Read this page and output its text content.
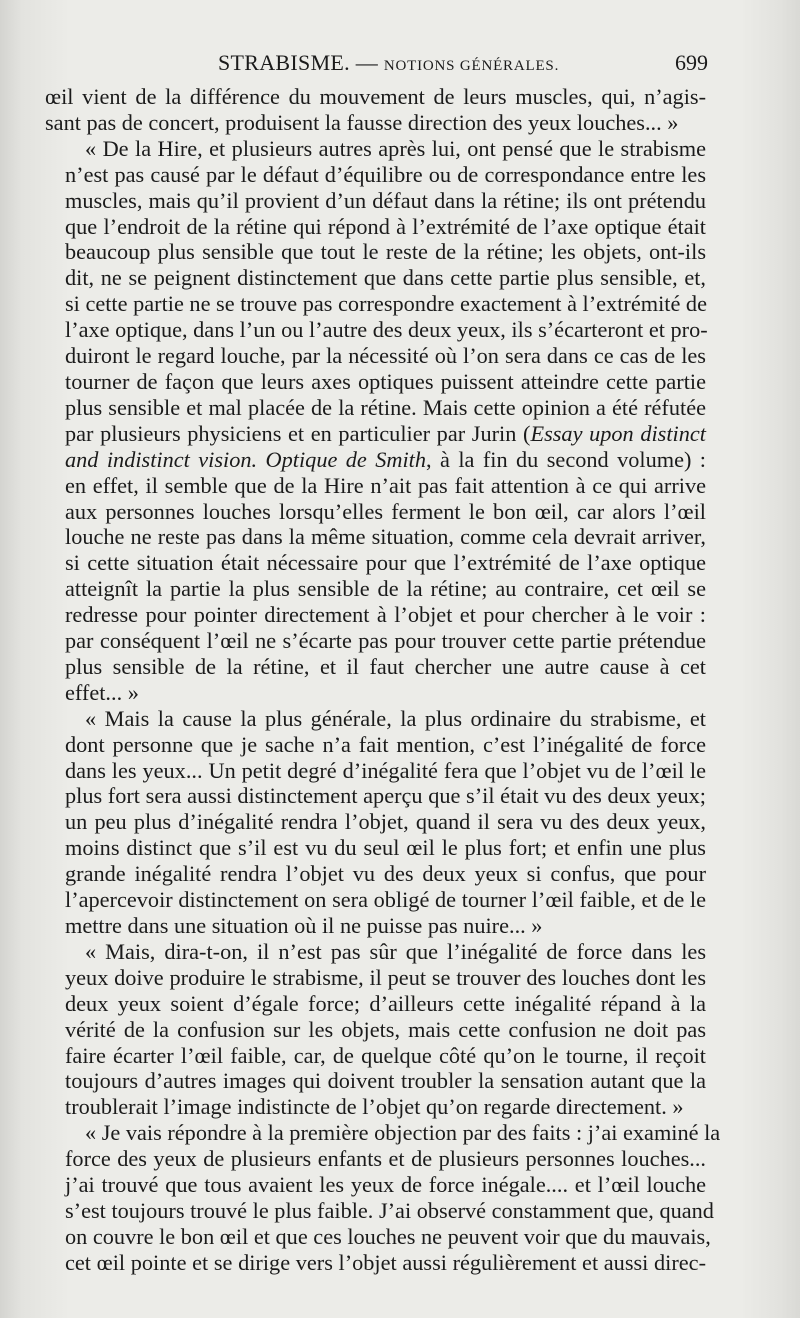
STRABISME. — NOTIONS GÉNÉRALES.	699
œil vient de la différence du mouvement de leurs muscles, qui, n’agis-
sant pas de concert, produisent la fausse direction des yeux louches... »
« De la Hire, et plusieurs autres après lui, ont pensé que le strabisme
n’est pas causé par le défaut d’équilibre ou de correspondance entre les
muscles, mais qu’il provient d’un défaut dans la rétine; ils ont prétendu
que l’endroit de la rétine qui répond à l’extrémité de l’axe optique était
beaucoup plus sensible que tout le reste de la rétine; les objets, ont-ils
dit, ne se peignent distinctement que dans cette partie plus sensible, et,
si cette partie ne se trouve pas correspondre exactement à l’extrémité de
l’axe optique, dans l’un ou l’autre des deux yeux, ils s’écarteront et pro-
duiront le regard louche, par la nécessité où l’on sera dans ce cas de les
tourner de façon que leurs axes optiques puissent atteindre cette partie
plus sensible et mal placée de la rétine. Mais cette opinion a été réfutée
par plusieurs physiciens et en particulier par Jurin (Essay upon distinct
and indistinct vision. Optique de Smith, à la fin du second volume) :
en effet, il semble que de la Hire n’ait pas fait attention à ce qui arrive
aux personnes louches lorsqu’elles ferment le bon œil, car alors l’œil
louche ne reste pas dans la même situation, comme cela devrait arriver,
si cette situation était nécessaire pour que l’extrémité de l’axe optique
atteignît la partie la plus sensible de la rétine; au contraire, cet œil se
redresse pour pointer directement à l’objet et pour chercher à le voir :
par conséquent l’œil ne s’écarte pas pour trouver cette partie prétendue
plus sensible de la rétine, et il faut chercher une autre cause à cet
effet... »
« Mais la cause la plus générale, la plus ordinaire du strabisme, et
dont personne que je sache n’a fait mention, c’est l’inégalité de force
dans les yeux... Un petit degré d’inégalité fera que l’objet vu de l’œil le
plus fort sera aussi distinctement aperçu que s’il était vu des deux yeux;
un peu plus d’inégalité rendra l’objet, quand il sera vu des deux yeux,
moins distinct que s’il est vu du seul œil le plus fort; et enfin une plus
grande inégalité rendra l’objet vu des deux yeux si confus, que pour
l’apercevoir distinctement on sera obligé de tourner l’œil faible, et de le
mettre dans une situation où il ne puisse pas nuire... »
« Mais, dira-t-on, il n’est pas sûr que l’inégalité de force dans les
yeux doive produire le strabisme, il peut se trouver des louches dont les
deux yeux soient d’égale force; d’ailleurs cette inégalité répand à la
vérité de la confusion sur les objets, mais cette confusion ne doit pas
faire écarter l’œil faible, car, de quelque côté qu’on le tourne, il reçoit
toujours d’autres images qui doivent troubler la sensation autant que la
troublerait l’image indistincte de l’objet qu’on regarde directement. »
« Je vais répondre à la première objection par des faits : j’ai examiné la
force des yeux de plusieurs enfants et de plusieurs personnes louches...
j’ai trouvé que tous avaient les yeux de force inégale.... et l’œil louche
s’est toujours trouvé le plus faible. J’ai observé constamment que, quand
on couvre le bon œil et que ces louches ne peuvent voir que du mauvais,
cet œil pointe et se dirige vers l’objet aussi régulièrement et aussi direc-
